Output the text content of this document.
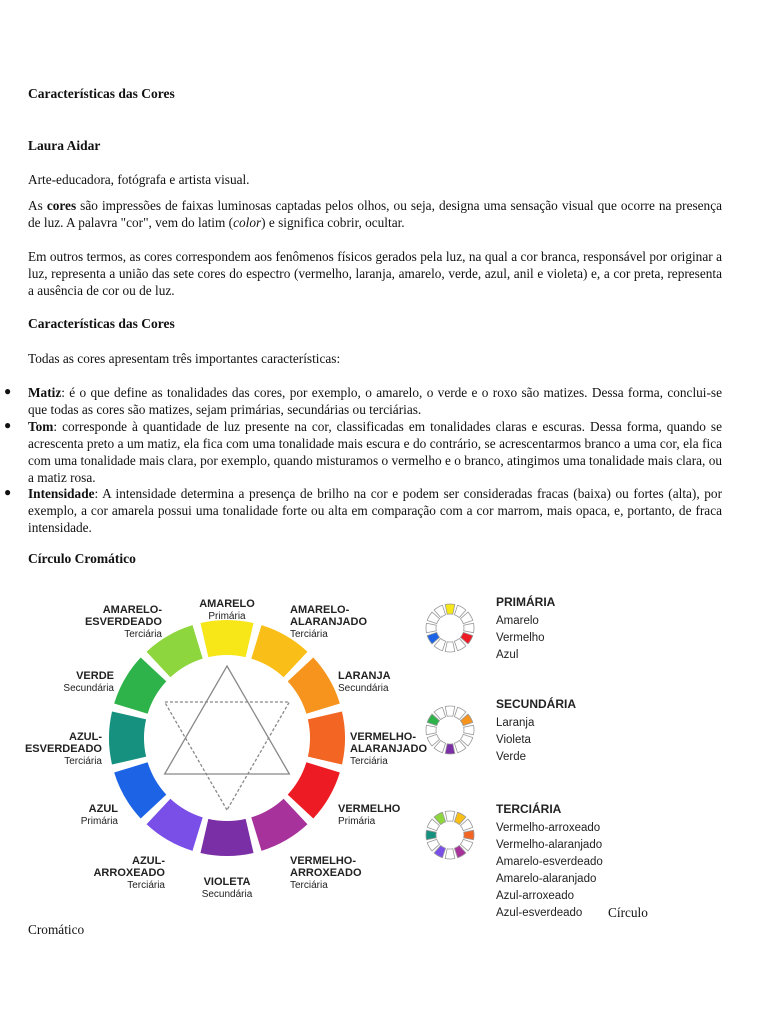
Características das Cores
Laura Aidar
Arte-educadora, fotógrafa e artista visual.
As cores são impressões de faixas luminosas captadas pelos olhos, ou seja, designa uma sensação visual que ocorre na presença de luz. A palavra "cor", vem do latim (color) e significa cobrir, ocultar.
Em outros termos, as cores correspondem aos fenômenos físicos gerados pela luz, na qual a cor branca, responsável por originar a luz, representa a união das sete cores do espectro (vermelho, laranja, amarelo, verde, azul, anil e violeta) e, a cor preta, representa a ausência de cor ou de luz.
Características das Cores
Todas as cores apresentam três importantes características:
● Matiz: é o que define as tonalidades das cores, por exemplo, o amarelo, o verde e o roxo são matizes. Dessa forma, conclui-se que todas as cores são matizes, sejam primárias, secundárias ou terciárias.
● Tom: corresponde à quantidade de luz presente na cor, classificadas em tonalidades claras e escuras. Dessa forma, quando se acrescenta preto a um matiz, ela fica com uma tonalidade mais escura e do contrário, se acrescentarmos branco a uma cor, ela fica com uma tonalidade mais clara, por exemplo, quando misturamos o vermelho e o branco, atingimos uma tonalidade mais clara, ou a matiz rosa.
● Intensidade: A intensidade determina a presença de brilho na cor e podem ser consideradas fracas (baixa) ou fortes (alta), por exemplo, a cor amarela possui uma tonalidade forte ou alta em comparação com a cor marrom, mais opaca, e, portanto, de fraca intensidade.
Círculo Cromático
AMARELO
Primária
AMARELO-
ALARANJADO
Terciária
LARANJA
Secundária
VERMELHO-
ALARANJADO
Terciária
VERMELHO
Primária
VERMELHO-
ARROXEADO
Terciária
VIOLETA
Secundária
AZUL-
ARROXEADO
Terciária
AZUL
Primária
AZUL-
ESVERDEADO
Terciária
VERDE
Secundária
AMARELO-
ESVERDEADO
Terciária
PRIMÁRIA
Amarelo
Vermelho
Azul
SECUNDÁRIA
Laranja
Violeta
Verde
TERCIÁRIA
Vermelho-arroxeado
Vermelho-alaranjado
Amarelo-esverdeado
Amarelo-alaranjado
Azul-arroxeado
Azul-esverdeado Círculo
Cromático
